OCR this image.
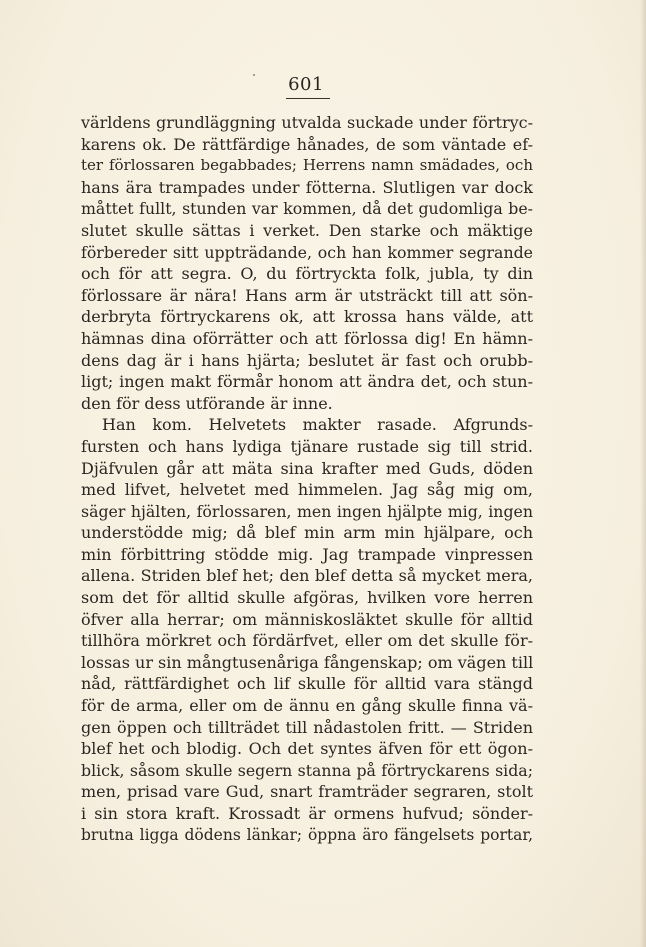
601
världens grundläggning utvalda suckade under förtryc-
karens ok. De rättfärdige hånades, de som väntade ef-
ter förlossaren begabbades; Herrens namn smädades, och
hans ära trampades under fötterna. Slutligen var dock
måttet fullt, stunden var kommen, då det gudomliga be-
slutet skulle sättas i verket. Den starke och mäktige
förbereder sitt uppträdande, och han kommer segrande
och för att segra. O, du förtryckta folk, jubla, ty din
förlossare är nära! Hans arm är utsträckt till att sön-
derbryta förtryckarens ok, att krossa hans välde, att
hämnas dina oförrätter och att förlossa dig! En hämn-
dens dag är i hans hjärta; beslutet är fast och orubb-
ligt; ingen makt förmår honom att ändra det, och stun-
den för dess utförande är inne.
Han kom. Helvetets makter rasade. Afgrunds-
fursten och hans lydiga tjänare rustade sig till strid.
Djäfvulen går att mäta sina krafter med Guds, döden
med lifvet, helvetet med himmelen. Jag såg mig om,
säger hjälten, förlossaren, men ingen hjälpte mig, ingen
understödde mig; då blef min arm min hjälpare, och
min förbittring stödde mig. Jag trampade vinpressen
allena. Striden blef het; den blef detta så mycket mera,
som det för alltid skulle afgöras, hvilken vore herren
öfver alla herrar; om människosläktet skulle för alltid
tillhöra mörkret och fördärfvet, eller om det skulle för-
lossas ur sin mångtusenåriga fångenskap; om vägen till
nåd, rättfärdighet och lif skulle för alltid vara stängd
för de arma, eller om de ännu en gång skulle finna vä-
gen öppen och tillträdet till nådastolen fritt. — Striden
blef het och blodig. Och det syntes äfven för ett ögon-
blick, såsom skulle segern stanna på förtryckarens sida;
men, prisad vare Gud, snart framträder segraren, stolt
i sin stora kraft. Krossadt är ormens hufvud; sönder-
brutna ligga dödens länkar; öppna äro fängelsets portar,
